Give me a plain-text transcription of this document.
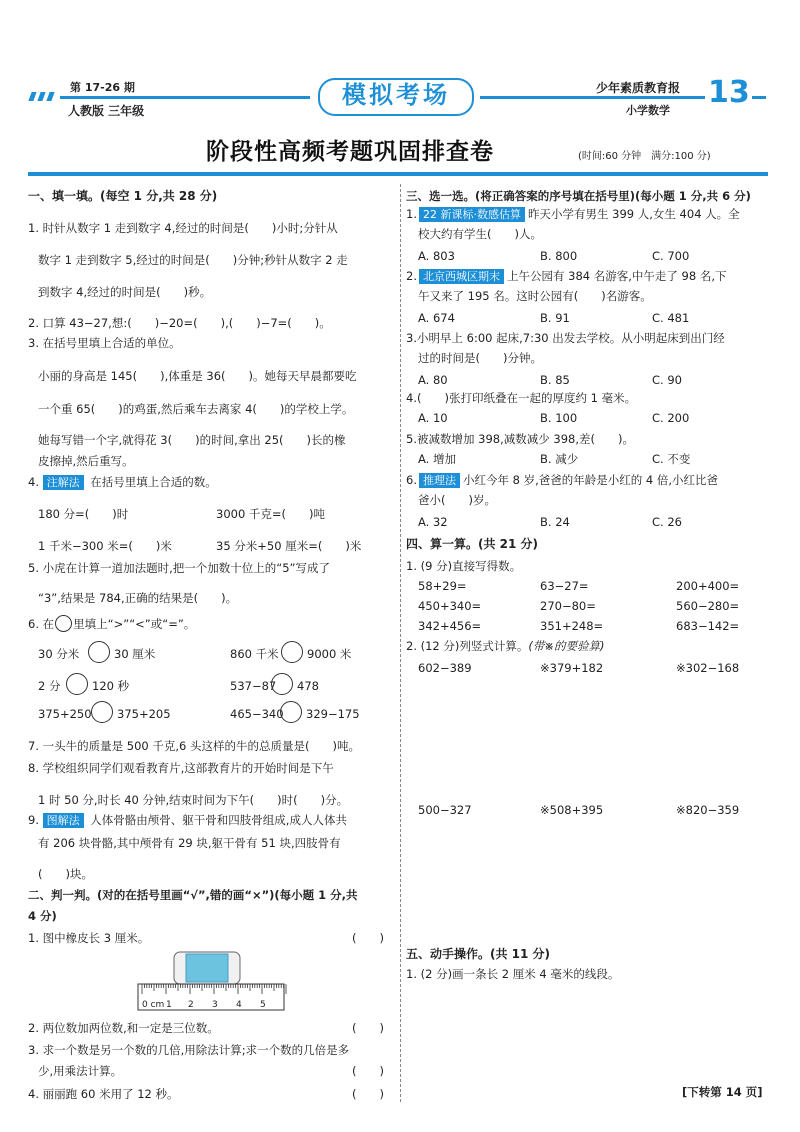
第 17-26 期
人教版 三年级
模拟考场	少年素质教育报
小学数学
13
阶段性高频考题巩固排查卷	(时间:60 分钟　满分:100 分)
一、填一填。(每空 1 分,共 28 分)
1. 时针从数字 1 走到数字 4,经过的时间是(　　)小时;分针从
数字 1 走到数字 5,经过的时间是(　　)分钟;秒针从数字 2 走
到数字 4,经过的时间是(　　)秒。
2. 口算 43−27,想:(　　)−20=(　　),(　　)−7=(　　)。
3. 在括号里填上合适的单位。
小丽的身高是 145(　　),体重是 36(　　)。她每天早晨都要吃
一个重 65(　　)的鸡蛋,然后乘车去离家 4(　　)的学校上学。
她每写错一个字,就得花 3(　　)的时间,拿出 25(　　)长的橡
皮擦掉,然后重写。
4. 注解法 在括号里填上合适的数。
180 分=(　　)时	3000 千克=(　　)吨
1 千米−300 米=(　　)米	35 分米+50 厘米=(　　)米
5. 小虎在计算一道加法题时,把一个加数十位上的“5”写成了
“3”,结果是 784,正确的结果是(　　)。
6. 在 里填上“>”“<”或“=”。
30 分米	30 厘米	860 千米 9000 米
2 分	120 秒	537−87 478
375+250 375+205	465−340 329−175
7. 一头牛的质量是 500 千克,6 头这样的牛的总质量是(　　)吨。
8. 学校组织同学们观看教育片,这部教育片的开始时间是下午
1 时 50 分,时长 40 分钟,结束时间为下午(　　)时(　　)分。
9. 图解法 人体骨骼由颅骨、躯干骨和四肢骨组成,成人人体共
有 206 块骨骼,其中颅骨有 29 块,躯干骨有 51 块,四肢骨有
(　　)块。
二、判一判。(对的在括号里画“√”,错的画“×”)(每小题 1 分,共
4 分)
1. 图中橡皮长 3 厘米。	(　　)
0 cm 1 2 3 4 5
2. 两位数加两位数,和一定是三位数。	(　　)
3. 求一个数是另一个数的几倍,用除法计算;求一个数的几倍是多
少,用乘法计算。	(　　)
4. 丽丽跑 60 米用了 12 秒。	(　　)
三、选一选。(将正确答案的序号填在括号里)(每小题 1 分,共 6 分)
1. 22 新课标·数感估算 昨天小学有男生 399 人,女生 404 人。全
校大约有学生(　　)人。
A. 803	B. 800	C. 700
2. 北京西城区期末 上午公园有 384 名游客,中午走了 98 名,下
午又来了 195 名。这时公园有(　　)名游客。
A. 674	B. 91	C. 481
3.小明早上 6:00 起床,7:30 出发去学校。从小明起床到出门经
过的时间是(　　)分钟。
A. 80	B. 85	C. 90
4.(　　)张打印纸叠在一起的厚度约 1 毫米。
A. 10	B. 100	C. 200
5.被减数增加 398,减数减少 398,差(　　)。
A. 增加	B. 减少	C. 不变
6. 推理法 小红今年 8 岁,爸爸的年龄是小红的 4 倍,小红比爸
爸小(　　)岁。
A. 32	B. 24	C. 26
四、算一算。(共 21 分)
1. (9 分)直接写得数。
58+29=	63−27=	200+400=
450+340=	270−80=	560−280=
342+456=	351+248=	683−142=
2. (12 分)列竖式计算。(带※的要验算)
602−389	※379+182	※302−168
500−327	※508+395	※820−359
五、动手操作。(共 11 分)
1. (2 分)画一条长 2 厘米 4 毫米的线段。
[下转第 14 页]
